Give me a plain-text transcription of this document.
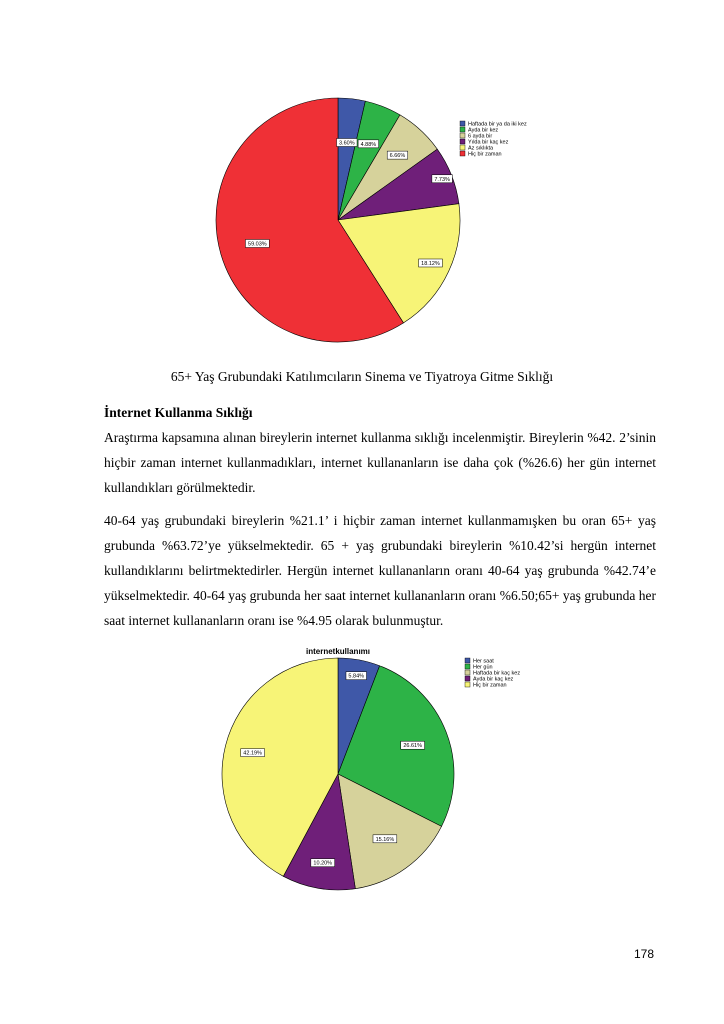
Haftada bir ya da iki kez
Ayda bir kez
6 ayda bir
Yılda bir kaç kez
Az sıklıkta
Hiç bir zaman
3.60% 4.88%
6.66%
7.73%
18.12%
59.03%
65+ Yaş Grubundaki Katılımcıların Sinema ve Tiyatroya Gitme Sıklığı
İnternet Kullanma Sıklığı

Araştırma kapsamına alınan bireylerin internet kullanma sıklığı incelenmiştir. Bireylerin %42. 2’sinin hiçbir zaman internet kullanmadıkları, internet kullananların ise daha çok (%26.6) her gün internet kullandıkları görülmektedir.

40-64 yaş grubundaki bireylerin %21.1’ i hiçbir zaman internet kullanmamışken bu oran 65+ yaş grubunda %63.72’ye yükselmektedir. 65 + yaş grubundaki bireylerin %10.42’si hergün internet kullandıklarını belirtmektedirler. Hergün internet kullananların oranı 40-64 yaş grubunda %42.74’e yükselmektedir. 40-64 yaş grubunda her saat internet kullananların oranı %6.50;65+ yaş grubunda her saat internet kullananların oranı ise %4.95 olarak bulunmuştur.

internetkullanımı
Her saat
Her gün
Haftada bir kaç kez
Ayda bir kaç kez
Hiç bir zaman
5.84%
26.61%
15.16%
10.20%
42.19%
178
